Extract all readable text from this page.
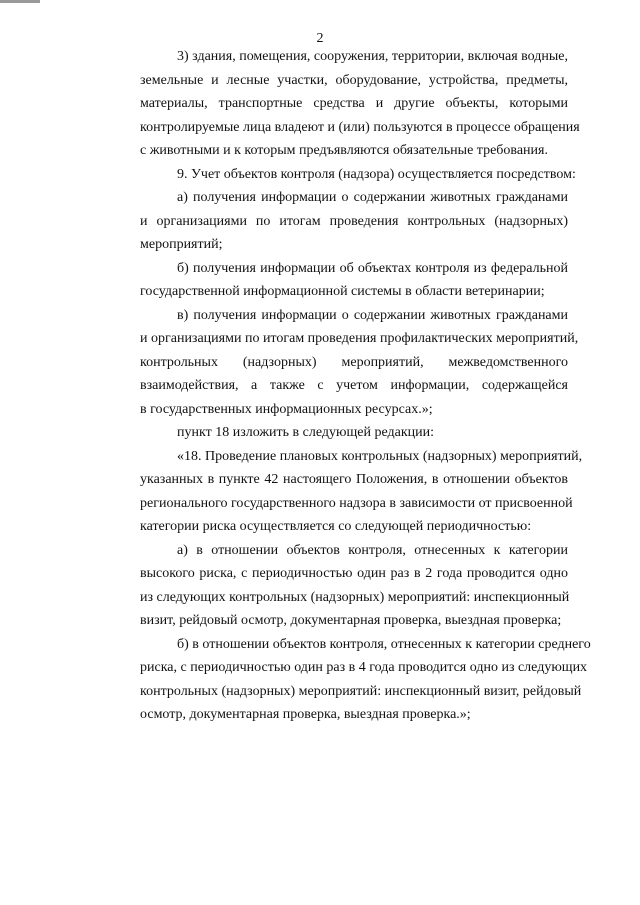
2
3) здания, помещения, сооружения, территории, включая водные,
земельные и лесные участки, оборудование, устройства, предметы,
материалы, транспортные средства и другие объекты, которыми
контролируемые лица владеют и (или) пользуются в процессе обращения
с животными и к которым предъявляются обязательные требования.
9. Учет объектов контроля (надзора) осуществляется посредством:
а) получения информации о содержании животных гражданами
и организациями по итогам проведения контрольных (надзорных)
мероприятий;
б) получения информации об объектах контроля из федеральной
государственной информационной системы в области ветеринарии;
в) получения информации о содержании животных гражданами
и организациями по итогам проведения профилактических мероприятий,
контрольных (надзорных) мероприятий, межведомственного
взаимодействия, а также с учетом информации, содержащейся
в государственных информационных ресурсах.»;
пункт 18 изложить в следующей редакции:
«18. Проведение плановых контрольных (надзорных) мероприятий,
указанных в пункте 42 настоящего Положения, в отношении объектов
регионального государственного надзора в зависимости от присвоенной
категории риска осуществляется со следующей периодичностью:
а) в отношении объектов контроля, отнесенных к категории
высокого риска, с периодичностью один раз в 2 года проводится одно
из следующих контрольных (надзорных) мероприятий: инспекционный
визит, рейдовый осмотр, документарная проверка, выездная проверка;
б) в отношении объектов контроля, отнесенных к категории среднего
риска, с периодичностью один раз в 4 года проводится одно из следующих
контрольных (надзорных) мероприятий: инспекционный визит, рейдовый
осмотр, документарная проверка, выездная проверка.»;
